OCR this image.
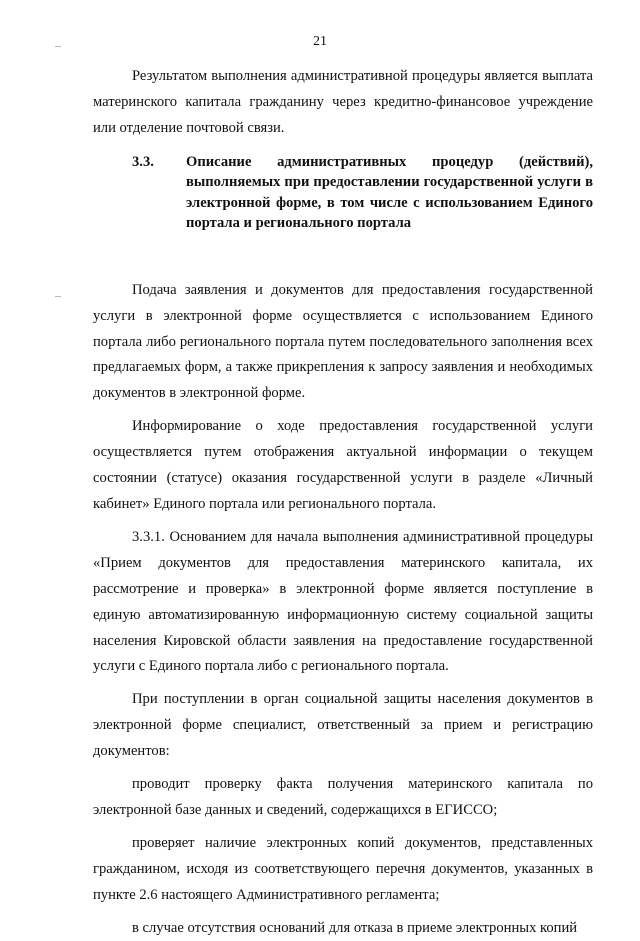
21

Результатом выполнения административной процедуры является выплата материнского капитала гражданину через кредитно-финансовое учреждение или отделение почтовой связи.

3.3. Описание административных процедур (действий), выполняемых при предоставлении государственной услуги в электронной форме, в том числе с использованием Единого портала и регионального портала

Подача заявления и документов для предоставления государственной услуги в электронной форме осуществляется с использованием Единого портала либо регионального портала путем последовательного заполнения всех предлагаемых форм, а также прикрепления к запросу заявления и необходимых документов в электронной форме.

Информирование о ходе предоставления государственной услуги осуществляется путем отображения актуальной информации о текущем состоянии (статусе) оказания государственной услуги в разделе «Личный кабинет» Единого портала или регионального портала.

3.3.1. Основанием для начала выполнения административной процедуры «Прием документов для предоставления материнского капитала, их рассмотрение и проверка» в электронной форме является поступление в единую автоматизированную информационную систему социальной защиты населения Кировской области заявления на предоставление государственной услуги с Единого портала либо с регионального портала.

При поступлении в орган социальной защиты населения документов в электронной форме специалист, ответственный за прием и регистрацию документов:

проводит проверку факта получения материнского капитала по электронной базе данных и сведений, содержащихся в ЕГИССО;

проверяет наличие электронных копий документов, представленных гражданином, исходя из соответствующего перечня документов, указанных в пункте 2.6 настоящего Административного регламента;

в случае отсутствия оснований для отказа в приеме электронных копий
